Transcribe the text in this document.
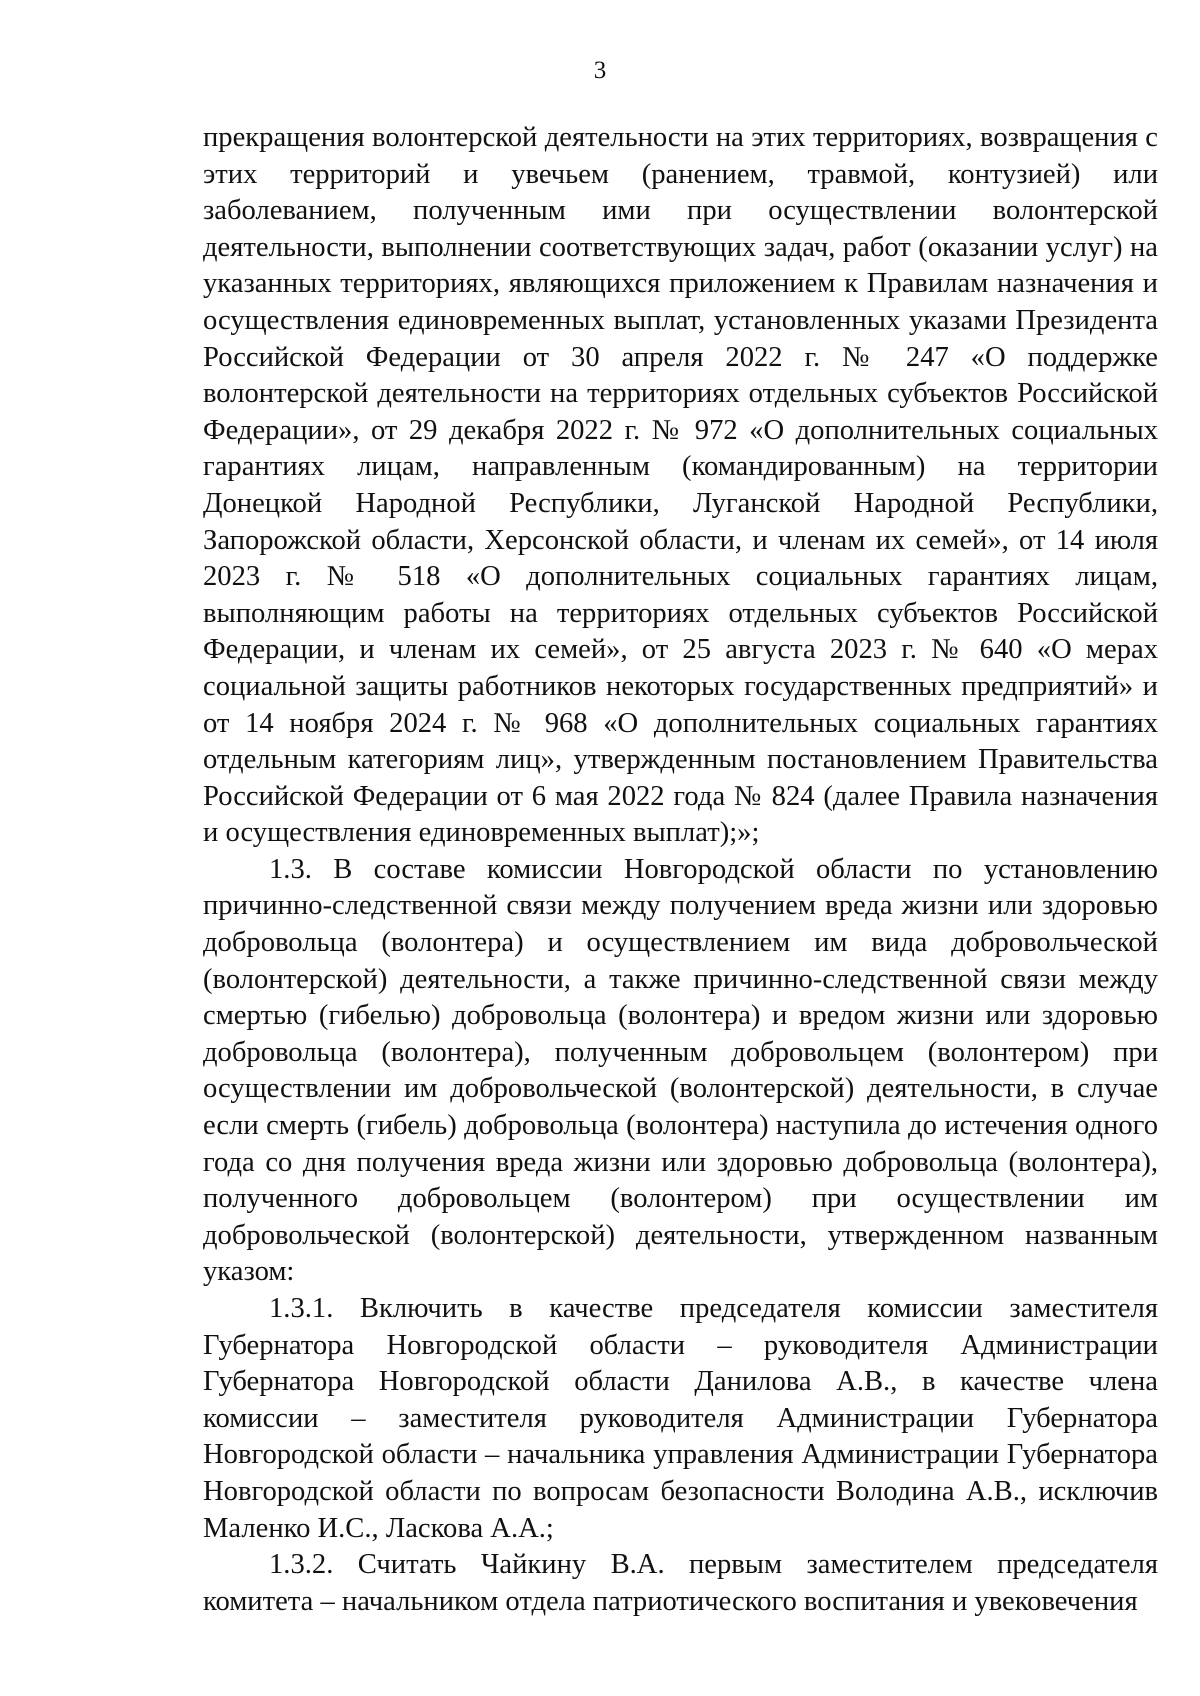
3

прекращения волонтерской деятельности на этих территориях, возвращения с этих территорий и увечьем (ранением, травмой, контузией) или заболеванием, полученным ими при осуществлении волонтерской деятельности, выполнении соответствующих задач, работ (оказании услуг) на указанных территориях, являющихся приложением к Правилам назначения и осуществления единовременных выплат, установленных указами Президента Российской Федерации от 30 апреля 2022 г. № 247 «О поддержке волонтерской деятельности на территориях отдельных субъектов Российской Федерации», от 29 декабря 2022 г. № 972 «О дополнительных социальных гарантиях лицам, направленным (командированным) на территории Донецкой Народной Республики, Луганской Народной Республики, Запорожской области, Херсонской области, и членам их семей», от 14 июля 2023 г. № 518 «О дополнительных социальных гарантиях лицам, выполняющим работы на территориях отдельных субъектов Российской Федерации, и членам их семей», от 25 августа 2023 г. № 640 «О мерах социальной защиты работников некоторых государственных предприятий» и от 14 ноября 2024 г. № 968 «О дополнительных социальных гарантиях отдельным категориям лиц», утвержденным постановлением Правительства Российской Федерации от 6 мая 2022 года № 824 (далее Правила назначения и осуществления единовременных выплат);»;

1.3. В составе комиссии Новгородской области по установлению причинно-следственной связи между получением вреда жизни или здоровью добровольца (волонтера) и осуществлением им вида добровольческой (волонтерской) деятельности, а также причинно-следственной связи между смертью (гибелью) добровольца (волонтера) и вредом жизни или здоровью добровольца (волонтера), полученным добровольцем (волонтером) при осуществлении им добровольческой (волонтерской) деятельности, в случае если смерть (гибель) добровольца (волонтера) наступила до истечения одного года со дня получения вреда жизни или здоровью добровольца (волонтера), полученного добровольцем (волонтером) при осуществлении им добровольческой (волонтерской) деятельности, утвержденном названным указом:

1.3.1. Включить в качестве председателя комиссии заместителя Губернатора Новгородской области – руководителя Администрации Губернатора Новгородской области Данилова А.В., в качестве члена комиссии – заместителя руководителя Администрации Губернатора Новгородской области – начальника управления Администрации Губернатора Новгородской области по вопросам безопасности Володина А.В., исключив Маленко И.С., Ласкова А.А.;

1.3.2. Считать Чайкину В.А. первым заместителем председателя комитета – начальником отдела патриотического воспитания и увековечения
